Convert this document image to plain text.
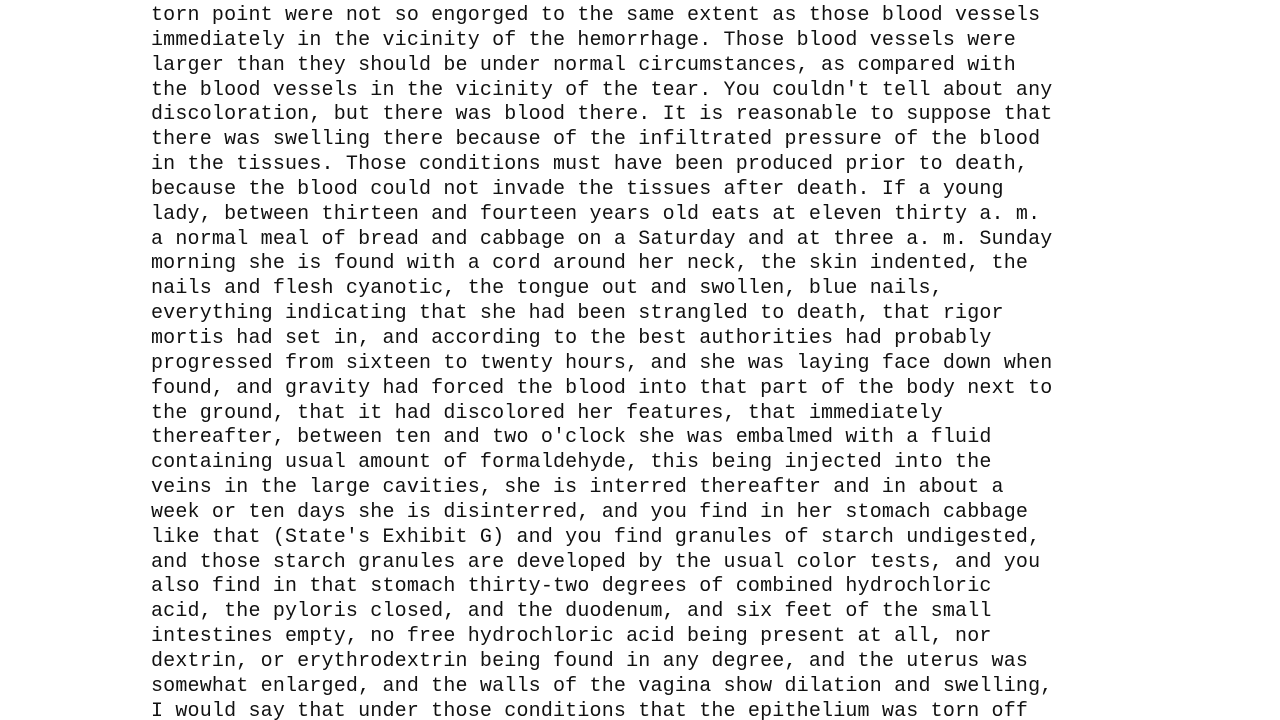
torn point were not so engorged to the same extent as those blood vessels
immediately in the vicinity of the hemorrhage. Those blood vessels were
larger than they should be under normal circumstances, as compared with
the blood vessels in the vicinity of the tear. You couldn't tell about any
discoloration, but there was blood there. It is reasonable to suppose that
there was swelling there because of the infiltrated pressure of the blood
in the tissues. Those conditions must have been produced prior to death,
because the blood could not invade the tissues after death. If a young
lady, between thirteen and fourteen years old eats at eleven thirty a. m.
a normal meal of bread and cabbage on a Saturday and at three a. m. Sunday
morning she is found with a cord around her neck, the skin indented, the
nails and flesh cyanotic, the tongue out and swollen, blue nails,
everything indicating that she had been strangled to death, that rigor
mortis had set in, and according to the best authorities had probably
progressed from sixteen to twenty hours, and she was laying face down when
found, and gravity had forced the blood into that part of the body next to
the ground, that it had discolored her features, that immediately
thereafter, between ten and two o'clock she was embalmed with a fluid
containing usual amount of formaldehyde, this being injected into the
veins in the large cavities, she is interred thereafter and in about a
week or ten days she is disinterred, and you find in her stomach cabbage
like that (State's Exhibit G) and you find granules of starch undigested,
and those starch granules are developed by the usual color tests, and you
also find in that stomach thirty-two degrees of combined hydrochloric
acid, the pyloris closed, and the duodenum, and six feet of the small
intestines empty, no free hydrochloric acid being present at all, nor
dextrin, or erythrodextrin being found in any degree, and the uterus was
somewhat enlarged, and the walls of the vagina show dilation and swelling,
I would say that under those conditions that the epithelium was torn off
